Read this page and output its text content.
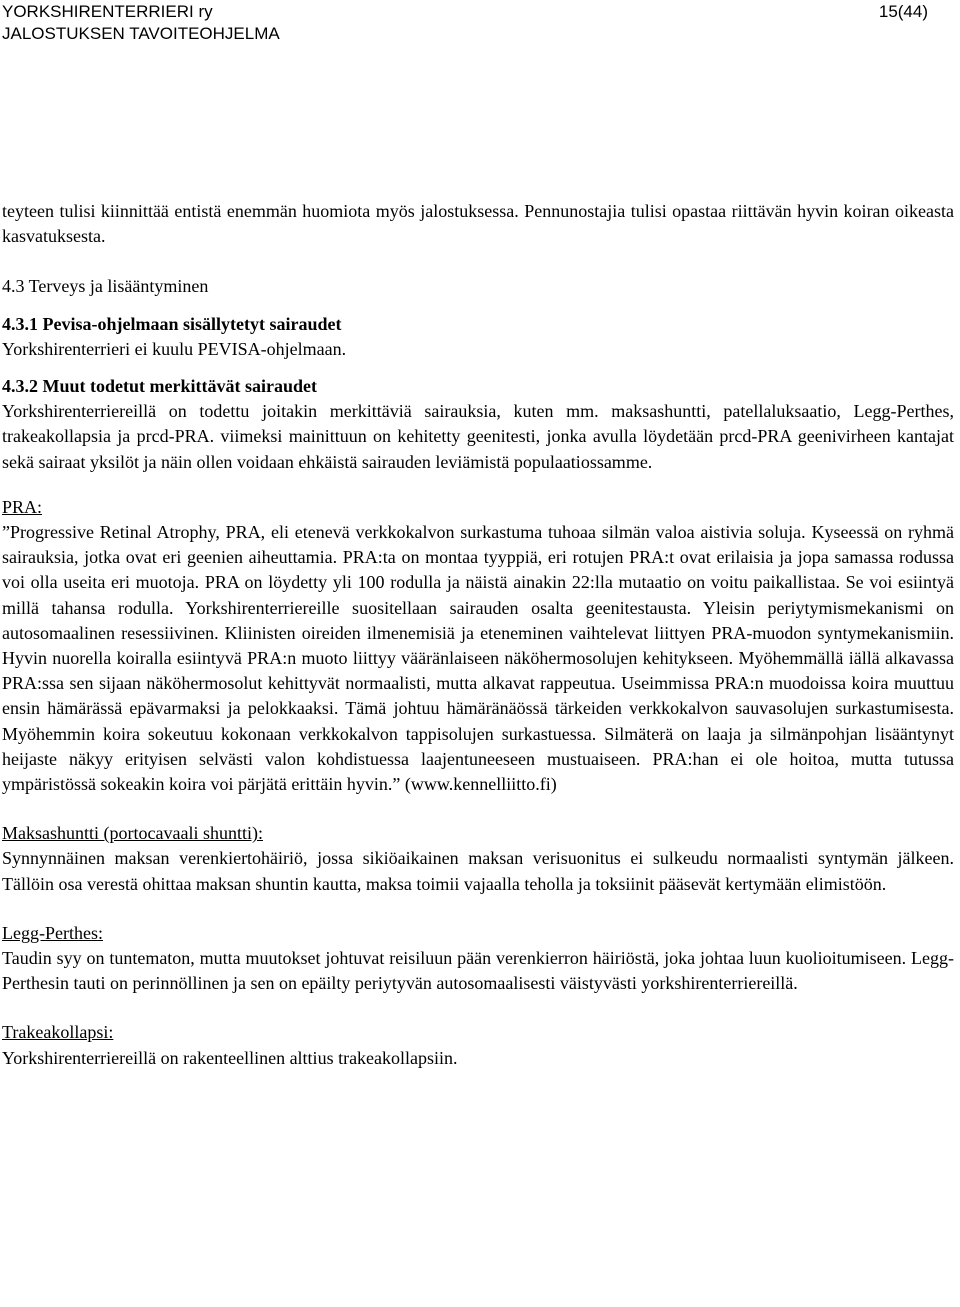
YORKSHIRENTERRIERI ry
JALOSTUKSEN TAVOITEOHJELMA
15(44)

teyteen tulisi kiinnittää entistä enemmän huomiota myös jalostuksessa. Pennunostajia tulisi opastaa riittävän hyvin koiran oikeasta kasvatuksesta.

4.3 Terveys ja lisääntyminen
4.3.1 Pevisa-ohjelmaan sisällytetyt sairaudet

Yorkshirenterrieri ei kuulu PEVISA-ohjelmaan.

4.3.2 Muut todetut merkittävät sairaudet

Yorkshirenterriereillä on todettu joitakin merkittäviä sairauksia, kuten mm. maksashuntti, patellaluksaatio, Legg-Perthes, trakeakollapsia ja prcd-PRA. viimeksi mainittuun on kehitetty geenitesti, jonka avulla löydetään prcd-PRA geenivirheen kantajat sekä sairaat yksilöt ja näin ollen voidaan ehkäistä sairauden leviämistä populaatiossamme.

PRA:

”Progressive Retinal Atrophy, PRA, eli etenevä verkkokalvon surkastuma tuhoaa silmän valoa aistivia soluja. Kyseessä on ryhmä sairauksia, jotka ovat eri geenien aiheuttamia. PRA:ta on montaa tyyppiä, eri rotujen PRA:t ovat erilaisia ja jopa samassa rodussa voi olla useita eri muotoja. PRA on löydetty yli 100 rodulla ja näistä ainakin 22:lla mutaatio on voitu paikallistaa. Se voi esiintyä millä tahansa rodulla. Yorkshirenterriereille suositellaan sairauden osalta geenitestausta. Yleisin periytymismekanismi on autosomaalinen resessiivinen. Kliinisten oireiden ilmenemisiä ja eteneminen vaihtelevat liittyen PRA-muodon syntymekanismiin. Hyvin nuorella koiralla esiintyvä PRA:n muoto liittyy vääränlaiseen näköhermosolujen kehitykseen. Myöhemmällä iällä alkavassa PRA:ssa sen sijaan näköhermosolut kehittyvät normaalisti, mutta alkavat rappeutua. Useimmissa PRA:n muodoissa koira muuttuu ensin hämärässä epävarmaksi ja pelokkaaksi. Tämä johtuu hämäränäössä tärkeiden verkkokalvon sauvasolujen surkastumisesta. Myöhemmin koira sokeutuu kokonaan verkkokalvon tappisolujen surkastuessa. Silmäterä on laaja ja silmänpohjan lisääntynyt heijaste näkyy erityisen selvästi valon kohdistuessa laajentuneeseen mustuaiseen. PRA:han ei ole hoitoa, mutta tutussa ympäristössä sokeakin koira voi pärjätä erittäin hyvin.” (www.kennelliitto.fi)

Maksashuntti (portocavaali shuntti):

Synnynnäinen maksan verenkiertohäiriö, jossa sikiöaikainen maksan verisuonitus ei sulkeudu normaalisti syntymän jälkeen. Tällöin osa verestä ohittaa maksan shuntin kautta, maksa toimii vajaalla teholla ja toksiinit pääsevät kertymään elimistöön.

Legg-Perthes:

Taudin syy on tuntematon, mutta muutokset johtuvat reisiluun pään verenkierron häiriöstä, joka johtaa luun kuolioitumiseen. Legg-Perthesin tauti on perinnöllinen ja sen on epäilty periytyvän autosomaalisesti väistyvästi yorkshirenterriereillä.

Trakeakollapsi:

Yorkshirenterriereillä on rakenteellinen alttius trakeakollapsiin.
